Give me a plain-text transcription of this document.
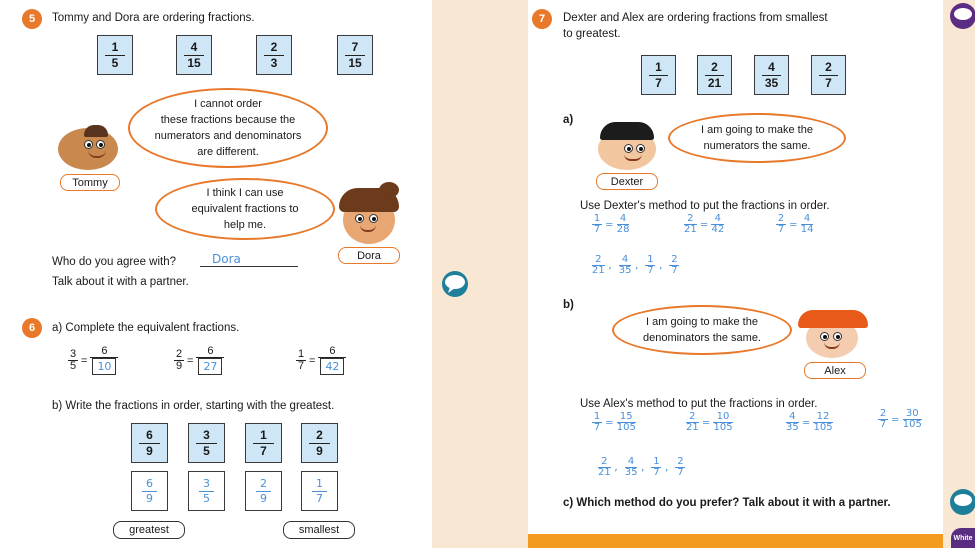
5	Tommy and Dora are ordering fractions.
1
5
4
15
2
3
7
15
I cannot order
these fractions because the
numerators and denominators
are different.
Tommy
I think I can use
equivalent fractions to
help me.
Dora
Who do you agree with?	Dora
Talk about it with a partner.
6	a) Complete the equivalent fractions.
3
$5 = \frac{6}{10}$	2
$9 = \frac{6}{27}$	1
$7 = \frac{6}{42}$
b) Write the fractions in order, starting with the greatest.
6
9
3
5
1
7
2
9
6
9
3
5
2
9
1
7
greatest	smallest
7	Dexter and Alex are ordering fractions from smallest
to greatest.
1
7
2
21
4
35
2
7
a)
I am going to make the
numerators the same.
Dexter
Use Dexter's method to put the fractions in order.
$\frac{1}{7} = \frac{4}{28}$	$\frac{2}{21} = \frac{4}{42}$	$\frac{2}{7} = \frac{4}{14}$
$\frac{2}{21}$ , $\frac{4}{35}$ , $\frac{1}{7}$ , $\frac{2}{7}$
b)
I am going to make the
denominators the same.
Alex
Use Alex's method to put the fractions in order.
$\frac{1}{7} = \frac{15}{105}$	$\frac{2}{21} = \frac{10}{105}$	$\frac{4}{35} = \frac{12}{105}$	$\frac{2}{7} = \frac{30}{105}$
$\frac{2}{21}$ , $\frac{4}{35}$ , $\frac{1}{7}$ , $\frac{2}{7}$
c) Which method do you prefer? Talk about it with a partner.
White
